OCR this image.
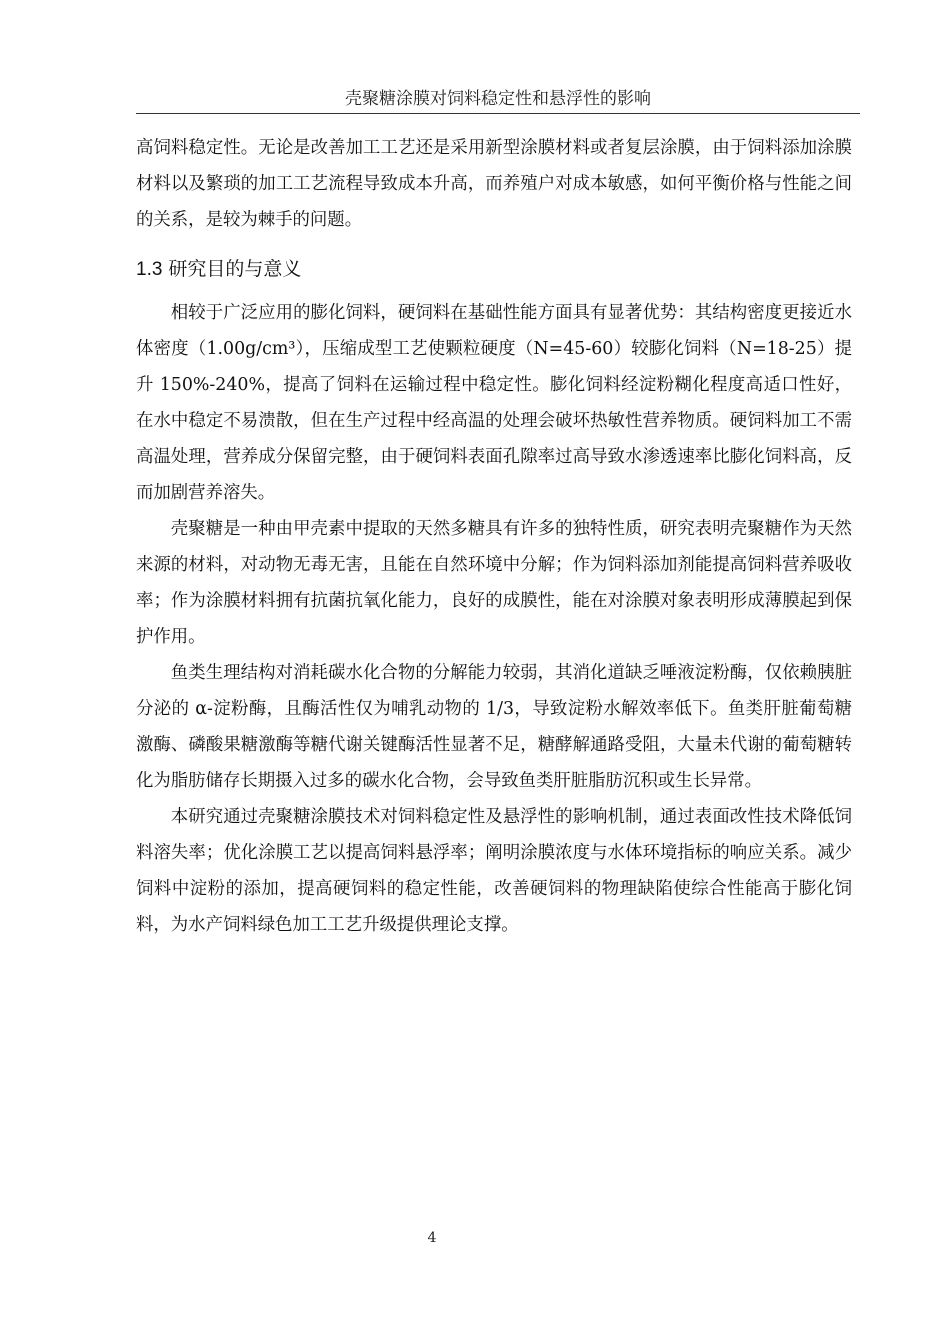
壳聚糖涂膜对饲料稳定性和悬浮性的影响

高饲料稳定性。无论是改善加工工艺还是采用新型涂膜材料或者复层涂膜，由于饲料添加涂膜材料以及繁琐的加工工艺流程导致成本升高，而养殖户对成本敏感，如何平衡价格与性能之间的关系，是较为棘手的问题。

1.3 研究目的与意义

相较于广泛应用的膨化饲料，硬饲料在基础性能方面具有显著优势：其结构密度更接近水体密度（1.00g/cm³），压缩成型工艺使颗粒硬度（N=45-60）较膨化饲料（N=18-25）提升 150%-240%，提高了饲料在运输过程中稳定性。膨化饲料经淀粉糊化程度高适口性好，在水中稳定不易溃散，但在生产过程中经高温的处理会破坏热敏性营养物质。硬饲料加工不需高温处理，营养成分保留完整，由于硬饲料表面孔隙率过高导致水渗透速率比膨化饲料高，反而加剧营养溶失。

壳聚糖是一种由甲壳素中提取的天然多糖具有许多的独特性质，研究表明壳聚糖作为天然来源的材料，对动物无毒无害，且能在自然环境中分解；作为饲料添加剂能提高饲料营养吸收率；作为涂膜材料拥有抗菌抗氧化能力，良好的成膜性，能在对涂膜对象表明形成薄膜起到保护作用。

鱼类生理结构对消耗碳水化合物的分解能力较弱，其消化道缺乏唾液淀粉酶，仅依赖胰脏分泌的 α-淀粉酶，且酶活性仅为哺乳动物的 1/3，导致淀粉水解效率低下。鱼类肝脏葡萄糖激酶、磷酸果糖激酶等糖代谢关键酶活性显著不足，糖酵解通路受阻，大量未代谢的葡萄糖转化为脂肪储存长期摄入过多的碳水化合物，会导致鱼类肝脏脂肪沉积或生长异常。

本研究通过壳聚糖涂膜技术对饲料稳定性及悬浮性的影响机制，通过表面改性技术降低饲料溶失率；优化涂膜工艺以提高饲料悬浮率；阐明涂膜浓度与水体环境指标的响应关系。减少饲料中淀粉的添加，提高硬饲料的稳定性能，改善硬饲料的物理缺陷使综合性能高于膨化饲料，为水产饲料绿色加工工艺升级提供理论支撑。

4
